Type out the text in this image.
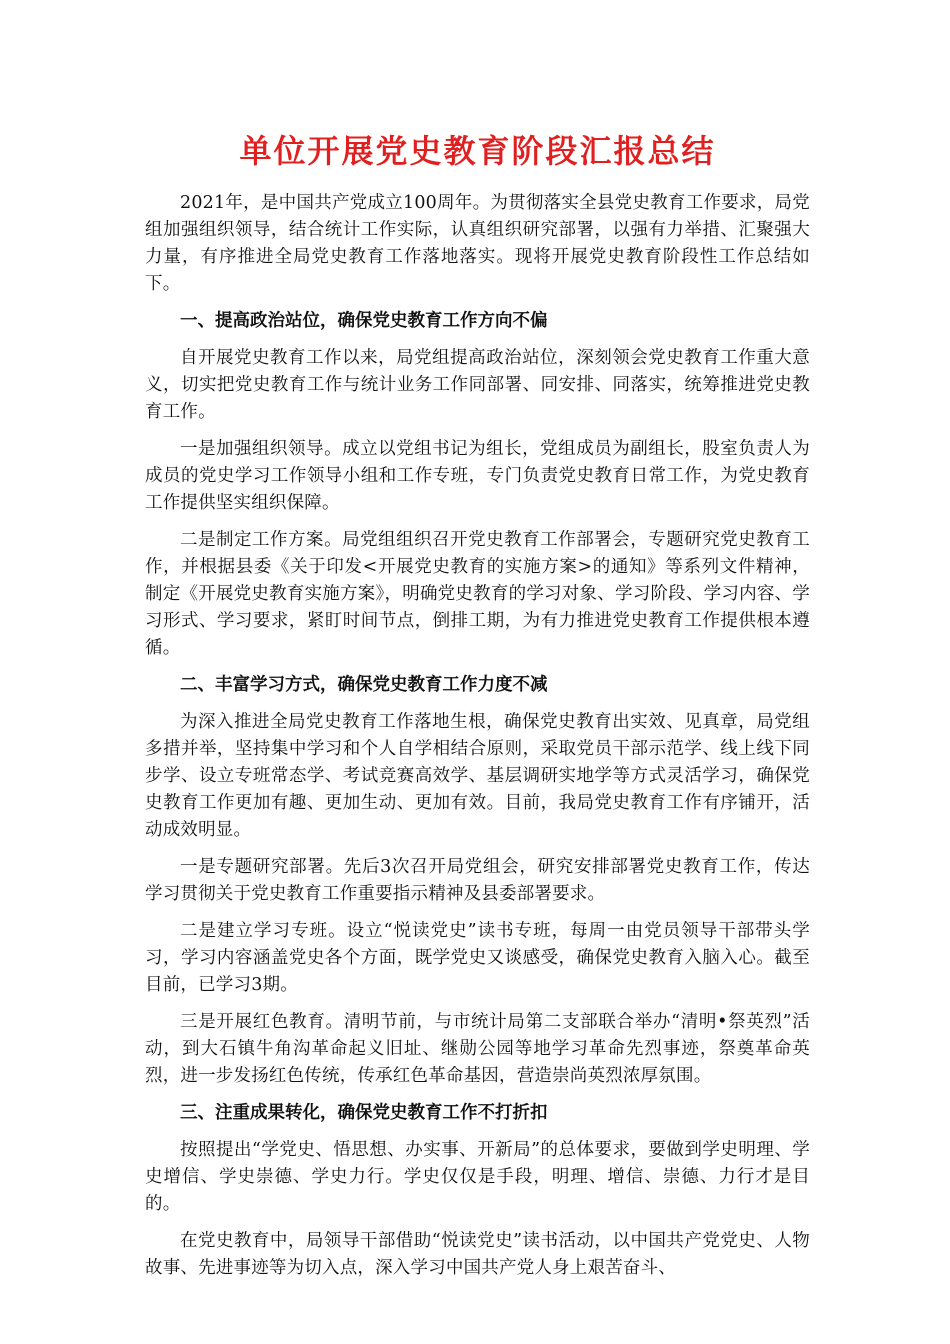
单位开展党史教育阶段汇报总结

2021年，是中国共产党成立100周年。为贯彻落实全县党史教育工作要求，局党组加强组织领导，结合统计工作实际，认真组织研究部署，以强有力举措、汇聚强大力量，有序推进全局党史教育工作落地落实。现将开展党史教育阶段性工作总结如下。

一、提高政治站位，确保党史教育工作方向不偏

自开展党史教育工作以来，局党组提高政治站位，深刻领会党史教育工作重大意义，切实把党史教育工作与统计业务工作同部署、同安排、同落实，统筹推进党史教育工作。

一是加强组织领导。成立以党组书记为组长，党组成员为副组长，股室负责人为成员的党史学习工作领导小组和工作专班，专门负责党史教育日常工作，为党史教育工作提供坚实组织保障。

二是制定工作方案。局党组组织召开党史教育工作部署会，专题研究党史教育工作，并根据县委《关于印发<开展党史教育的实施方案>的通知》等系列文件精神，制定《开展党史教育实施方案》，明确党史教育的学习对象、学习阶段、学习内容、学习形式、学习要求，紧盯时间节点，倒排工期，为有力推进党史教育工作提供根本遵循。

二、丰富学习方式，确保党史教育工作力度不减

为深入推进全局党史教育工作落地生根，确保党史教育出实效、见真章，局党组多措并举，坚持集中学习和个人自学相结合原则，采取党员干部示范学、线上线下同步学、设立专班常态学、考试竞赛高效学、基层调研实地学等方式灵活学习，确保党史教育工作更加有趣、更加生动、更加有效。目前，我局党史教育工作有序铺开，活动成效明显。

一是专题研究部署。先后3次召开局党组会，研究安排部署党史教育工作，传达学习贯彻关于党史教育工作重要指示精神及县委部署要求。

二是建立学习专班。设立“悦读党史”读书专班，每周一由党员领导干部带头学习，学习内容涵盖党史各个方面，既学党史又谈感受，确保党史教育入脑入心。截至目前，已学习3期。

三是开展红色教育。清明节前，与市统计局第二支部联合举办“清明•祭英烈”活动，到大石镇牛角沟革命起义旧址、继勋公园等地学习革命先烈事迹，祭奠革命英烈，进一步发扬红色传统，传承红色革命基因，营造崇尚英烈浓厚氛围。

三、注重成果转化，确保党史教育工作不打折扣

按照提出“学党史、悟思想、办实事、开新局”的总体要求，要做到学史明理、学史增信、学史崇德、学史力行。学史仅仅是手段，明理、增信、崇德、力行才是目的。

在党史教育中，局领导干部借助“悦读党史”读书活动，以中国共产党党史、人物故事、先进事迹等为切入点，深入学习中国共产党人身上艰苦奋斗、
